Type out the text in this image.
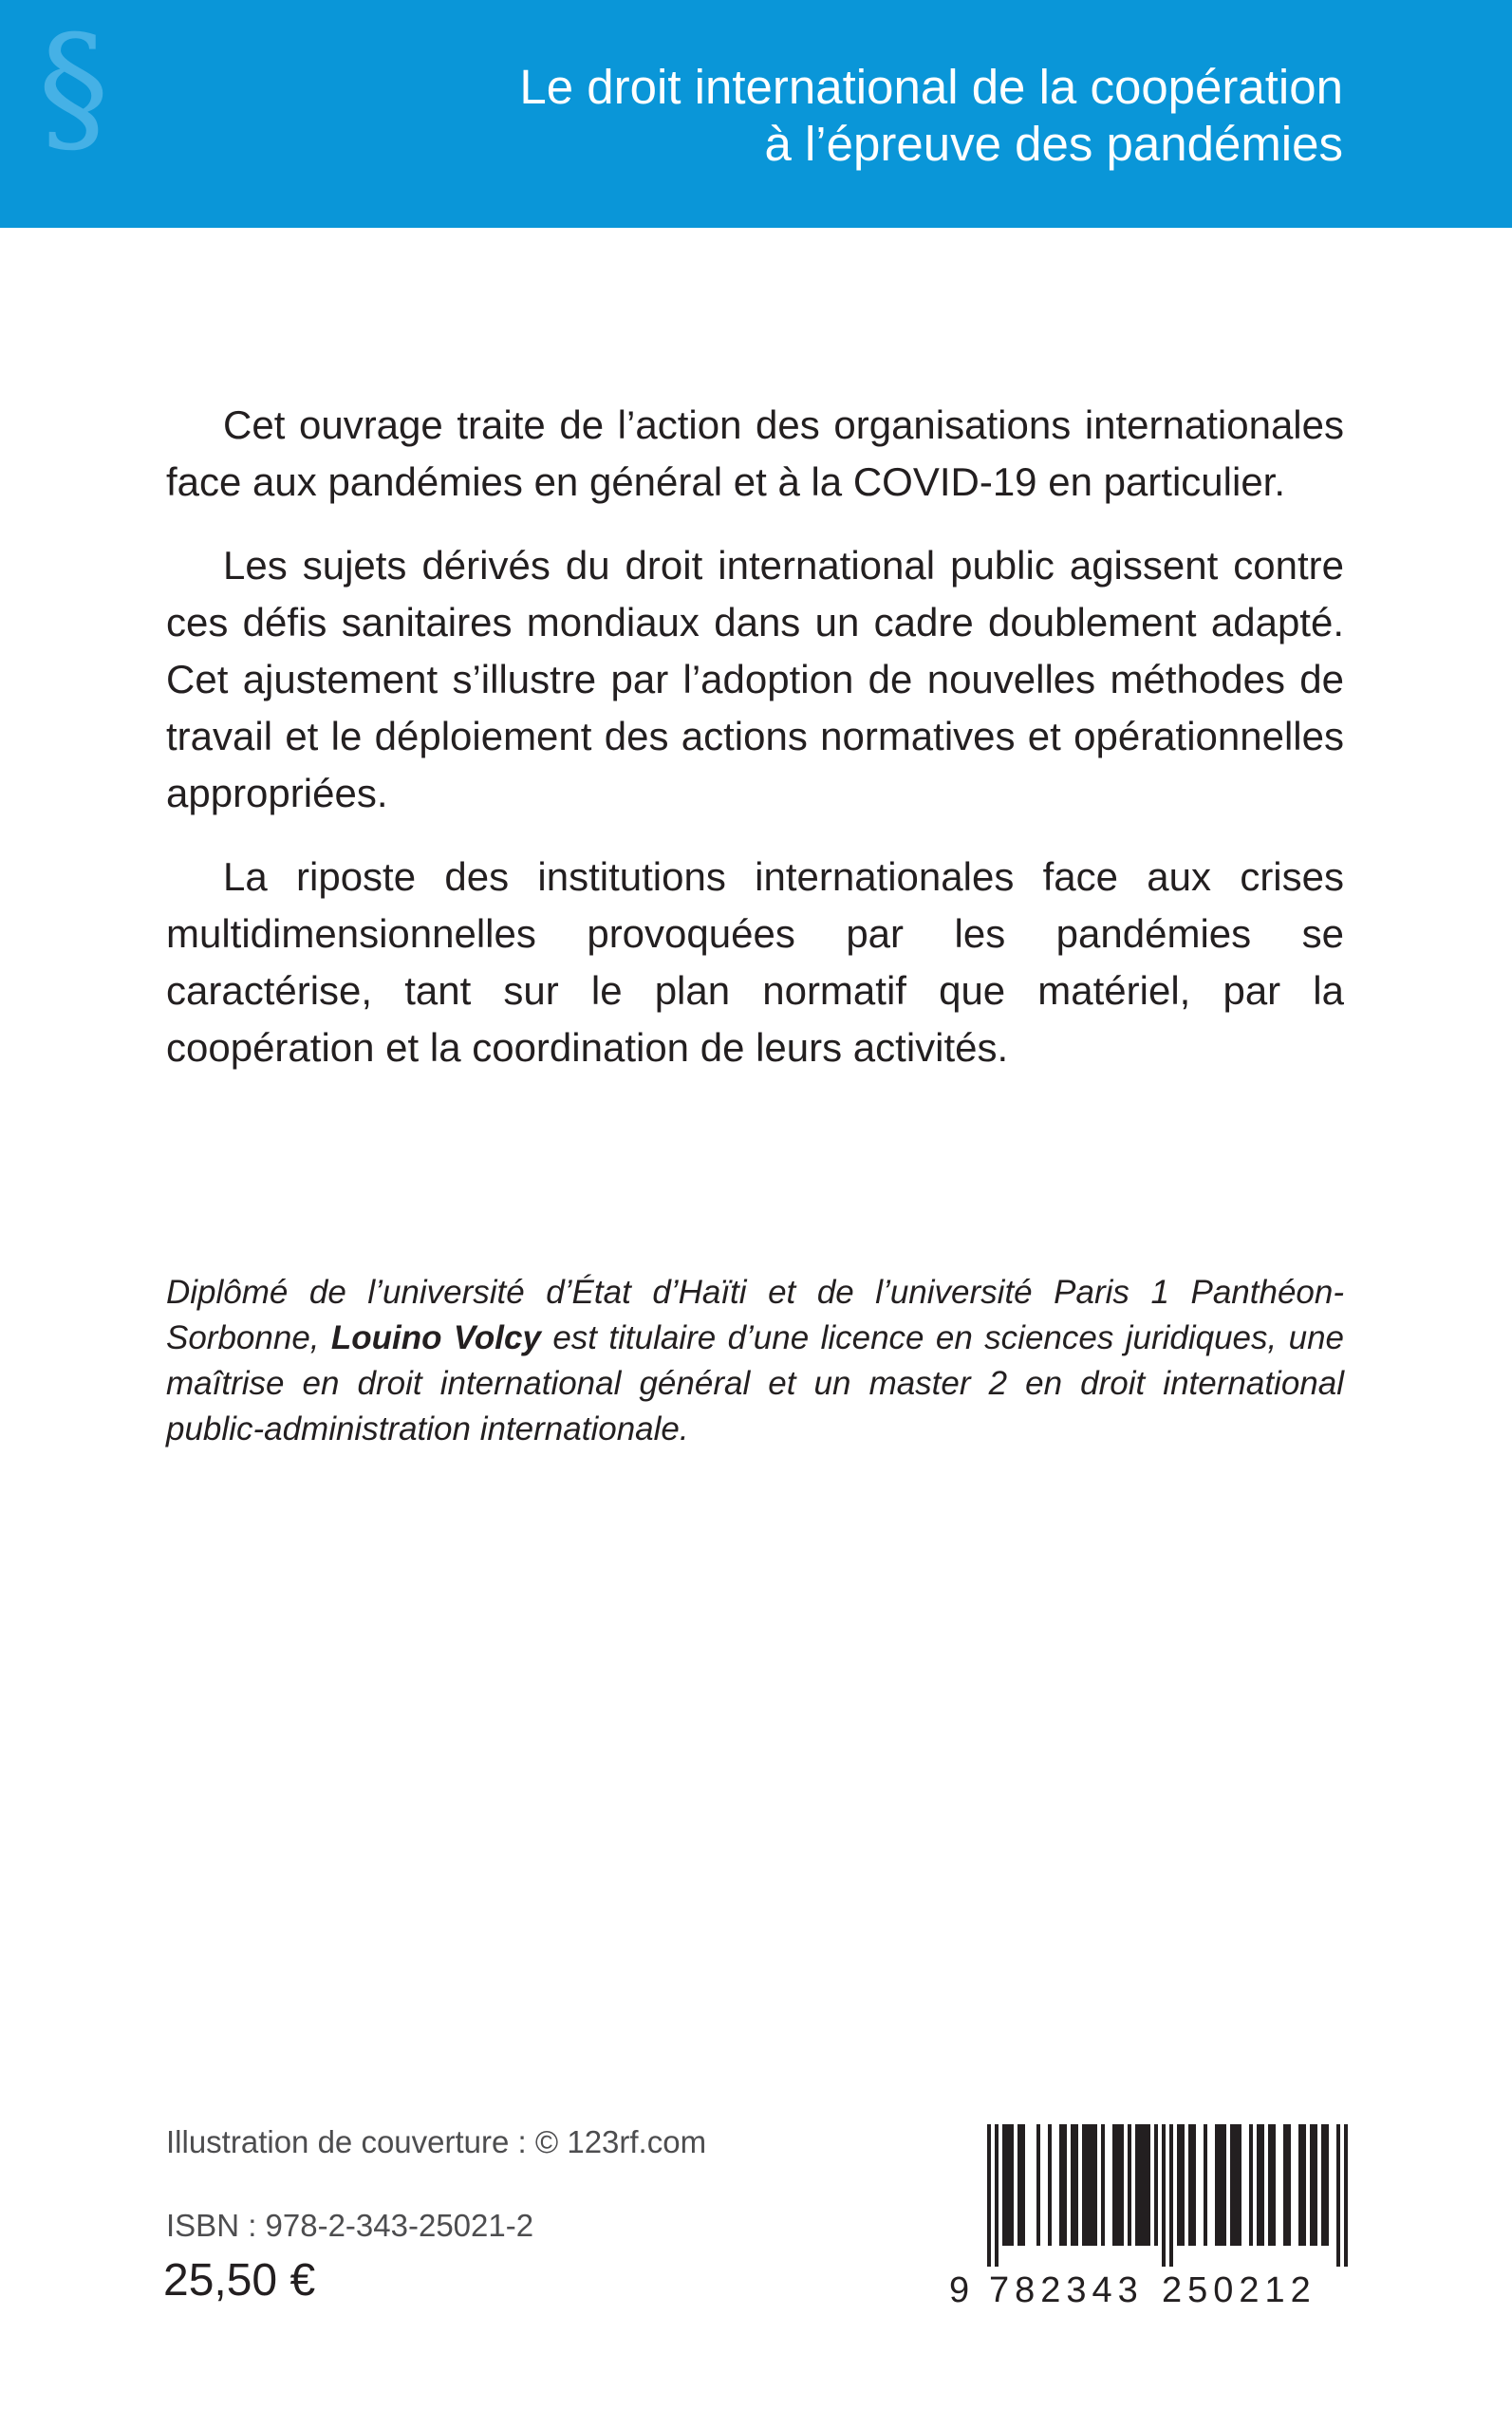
§	Le droit international de la coopération
à l’épreuve des pandémies

Cet ouvrage traite de l’action des organisations internationales face aux pandémies en général et à la COVID-19 en particulier.

Les sujets dérivés du droit international public agissent contre ces défis sanitaires mondiaux dans un cadre doublement adapté. Cet ajustement s’illustre par l’adoption de nouvelles méthodes de travail et le déploiement des actions normatives et opérationnelles appropriées.

La riposte des institutions internationales face aux crises multidimensionnelles provoquées par les pandémies se caractérise, tant sur le plan normatif que matériel, par la coopération et la coordination de leurs activités.

Diplômé de l’université d’État d’Haïti et de l’université Paris 1 Panthéon-Sorbonne, Louino Volcy est titulaire d’une licence en sciences juridiques, une maîtrise en droit international général et un master 2 en droit international public-administration internationale.

Illustration de couverture : © 123rf.com
ISBN : 978-2-343-25021-2
25,50 €	9 782343 250212
